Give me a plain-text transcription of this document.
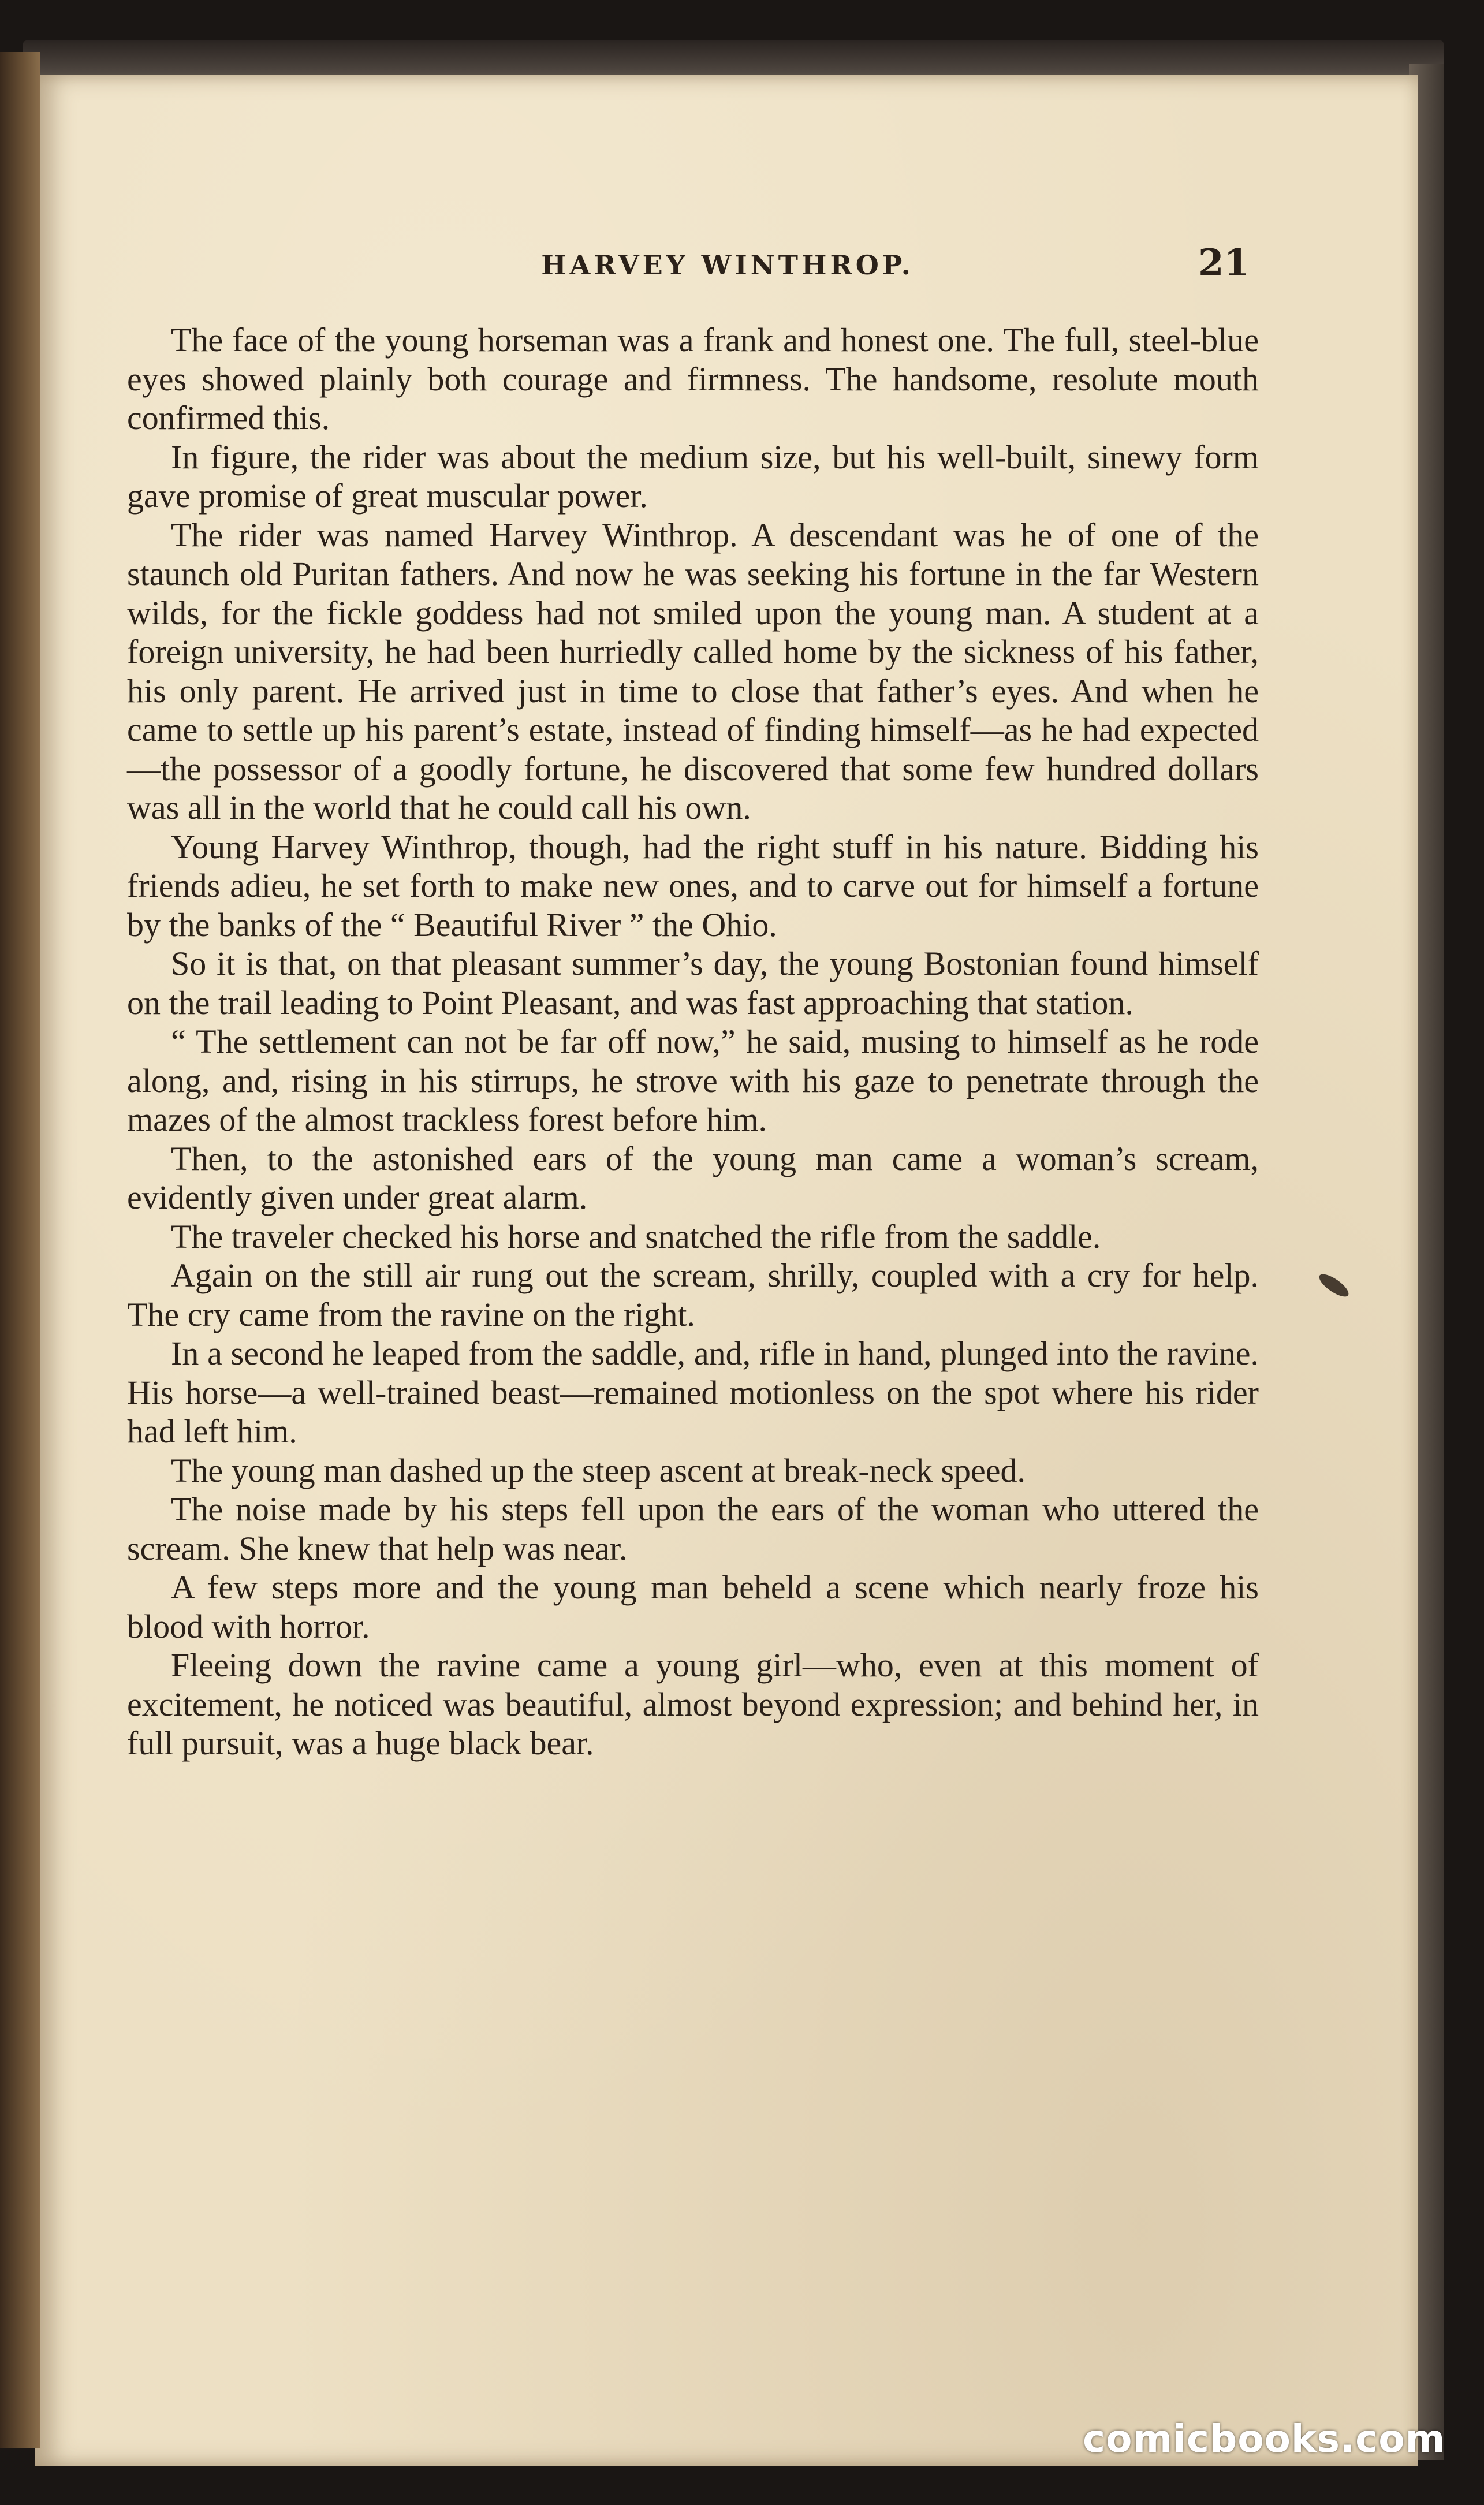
HARVEY WINTHROP.	21

The face of the young horseman was a frank and honest one. The full, steel-blue eyes showed plainly both courage and firmness. The handsome, resolute mouth confirmed this.

In figure, the rider was about the medium size, but his well-built, sinewy form gave promise of great muscular power.

The rider was named Harvey Winthrop. A descendant was he of one of the staunch old Puritan fathers. And now he was seeking his fortune in the far Western wilds, for the fickle goddess had not smiled upon the young man. A student at a foreign university, he had been hurriedly called home by the sickness of his father, his only parent. He arrived just in time to close that father’s eyes. And when he came to settle up his parent’s estate, instead of finding himself—as he had expected—the possessor of a goodly fortune, he discovered that some few hundred dollars was all in the world that he could call his own.

Young Harvey Winthrop, though, had the right stuff in his nature. Bidding his friends adieu, he set forth to make new ones, and to carve out for himself a fortune by the banks of the “ Beautiful River ” the Ohio.

So it is that, on that pleasant summer’s day, the young Bostonian found himself on the trail leading to Point Pleasant, and was fast approaching that station.

“ The settlement can not be far off now,” he said, musing to himself as he rode along, and, rising in his stirrups, he strove with his gaze to penetrate through the mazes of the almost trackless forest before him.

Then, to the astonished ears of the young man came a woman’s scream, evidently given under great alarm.

The traveler checked his horse and snatched the rifle from the saddle.

Again on the still air rung out the scream, shrilly, coupled with a cry for help. The cry came from the ravine on the right.

In a second he leaped from the saddle, and, rifle in hand, plunged into the ravine. His horse—a well-trained beast—remained motionless on the spot where his rider had left him.

The young man dashed up the steep ascent at break-neck speed.

The noise made by his steps fell upon the ears of the woman who uttered the scream. She knew that help was near.

A few steps more and the young man beheld a scene which nearly froze his blood with horror.

Fleeing down the ravine came a young girl—who, even at this moment of excitement, he noticed was beautiful, almost beyond expression; and behind her, in full pursuit, was a huge black bear.

comicbooks.com
